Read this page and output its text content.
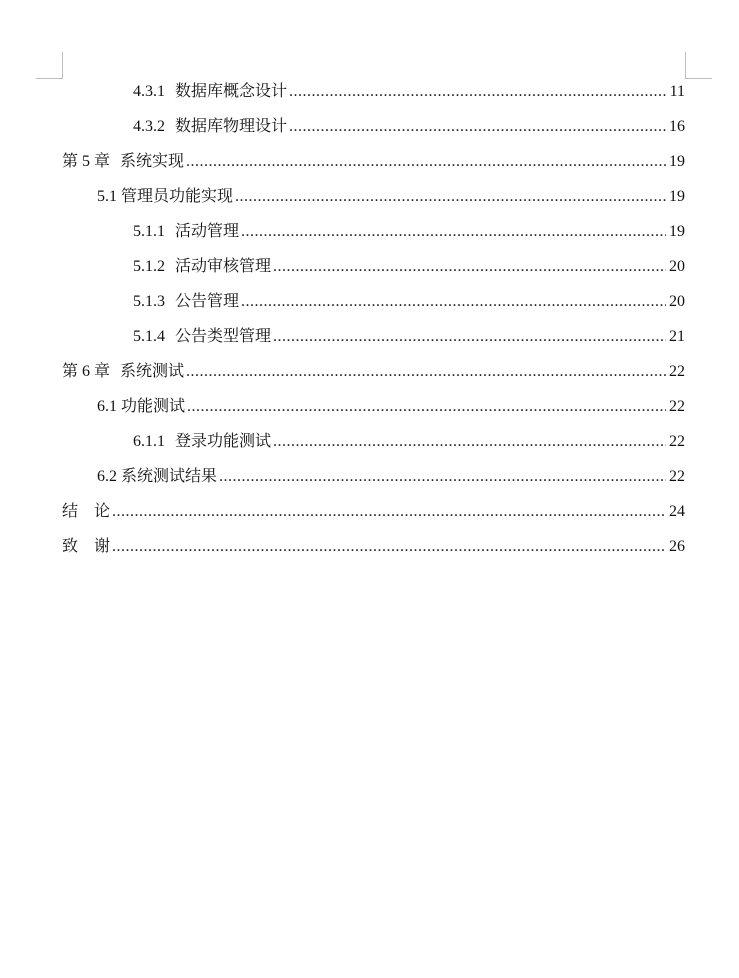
4.3.1 数据库概念设计 .....	11
4.3.2 数据库物理设计 .....	16
第 5 章 系统实现 .....	19
5.1 管理员功能实现 .....	19
5.1.1 活动管理 .....	19
5.1.2 活动审核管理 .....	20
5.1.3 公告管理 .....	20
5.1.4 公告类型管理 .....	21
第 6 章 系统测试 .....	22
6.1 功能测试 .....	22
6.1.1 登录功能测试 .....	22
6.2 系统测试结果 .....	22
结　论 .....	24
致　谢 .....	26
